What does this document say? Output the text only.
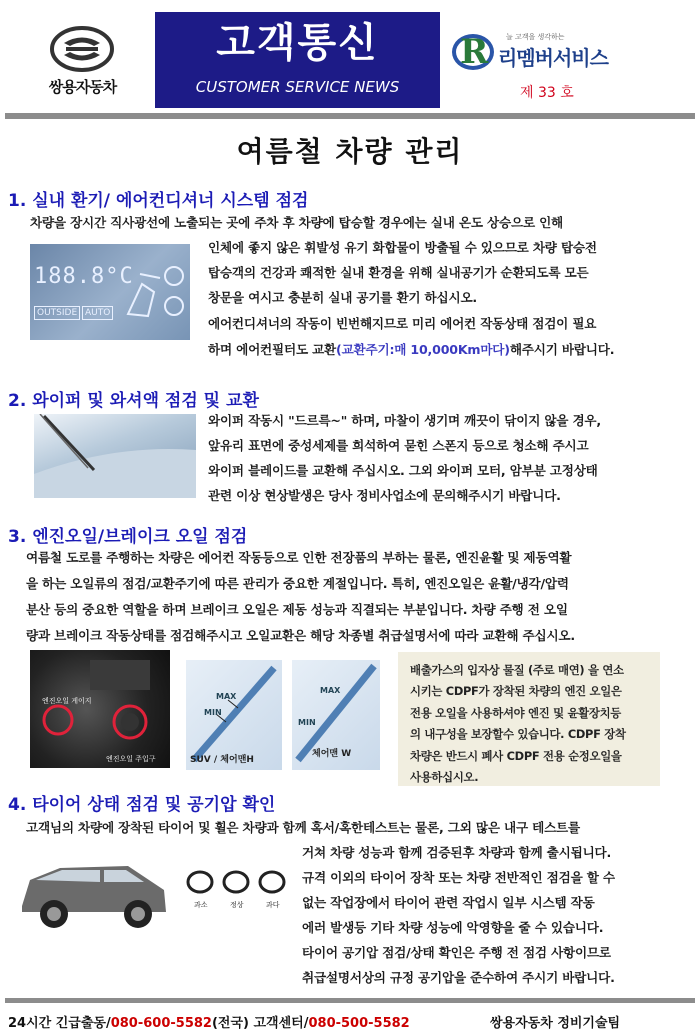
쌍용자동차
고객통신
CUSTOMER SERVICE NEWS
R	늘 고객을 생각하는
리멤버서비스
제 33 호
여름철 차량 관리
1. 실내 환기/ 에어컨디셔너 시스템 점검
차량을 장시간 직사광선에 노출되는 곳에 주차 후 차량에 탑승할 경우에는 실내 온도 상승으로 인해
188.8°C
OUTSIDE AUTO
인체에 좋지 않은 휘발성 유기 화합물이 방출될 수 있으므로 차량 탑승전
탑승객의 건강과 쾌적한 실내 환경을 위해 실내공기가 순환되도록 모든
창문을 여시고 충분히 실내 공기를 환기 하십시오.
에어컨디셔너의 작동이 빈번해지므로 미리 에어컨 작동상태 점검이 필요
하며 에어컨필터도 교환(교환주기:매 10,000Km마다)해주시기 바랍니다.
2. 와이퍼 및 와셔액 점검 및 교환
와이퍼 작동시 "드르륵~" 하며, 마찰이 생기며 깨끗이 닦이지 않을 경우,
앞유리 표면에 중성세제를 희석하여 묻힌 스폰지 등으로 청소해 주시고
와이퍼 블레이드를 교환해 주십시오. 그외 와이퍼 모터, 암부분 고정상태
관련 이상 현상발생은 당사 정비사업소에 문의해주시기 바랍니다.
3. 엔진오일/브레이크 오일 점검
여름철 도로를 주행하는 차량은 에어컨 작동등으로 인한 전장품의 부하는 물론, 엔진윤활 및 제동역활
을 하는 오일류의 점검/교환주기에 따른 관리가 중요한 계절입니다. 특히, 엔진오일은 윤활/냉각/압력
분산 등의 중요한 역할을 하며 브레이크 오일은 제동 성능과 직결되는 부분입니다. 차량 주행 전 오일
량과 브레이크 작동상태를 점검해주시고 오일교환은 해당 차종별 취급설명서에 따라 교환해 주십시오.
엔진오일 게이지
엔진오일 주입구
MAX
MIN
SUV / 체어맨H
MAX
MIN
체어맨 W
배출가스의 입자상 물질 (주로 매연) 을 연소
시키는 CDPF가 장착된 차량의 엔진 오일은
전용 오일을 사용하셔야 엔진 및 윤활장치등
의 내구성을 보장할수 있습니다. CDPF 장착
차량은 반드시 폐사 CDPF 전용 순정오일을
사용하십시오.
4. 타이어 상태 점검 및 공기압 확인
고객님의 차량에 장착된 타이어 및 휠은 차량과 함께 혹서/혹한테스트는 물론, 그외 많은 내구 테스트를
과소	정상	과다
거쳐 차량 성능과 함께 검증된후 차량과 함께 출시됩니다.
규격 이외의 타이어 장착 또는 차량 전반적인 점검을 할 수
없는 작업장에서 타이어 관련 작업시 일부 시스템 작동
에러 발생등 기타 차량 성능에 악영향을 줄 수 있습니다.
타이어 공기압 점검/상태 확인은 주행 전 점검 사항이므로
취급설명서상의 규정 공기압을 준수하여 주시기 바랍니다.
24시간 긴급출동/080-600-5582(전국) 고객센터/080-500-5582	쌍용자동차 정비기술팀
